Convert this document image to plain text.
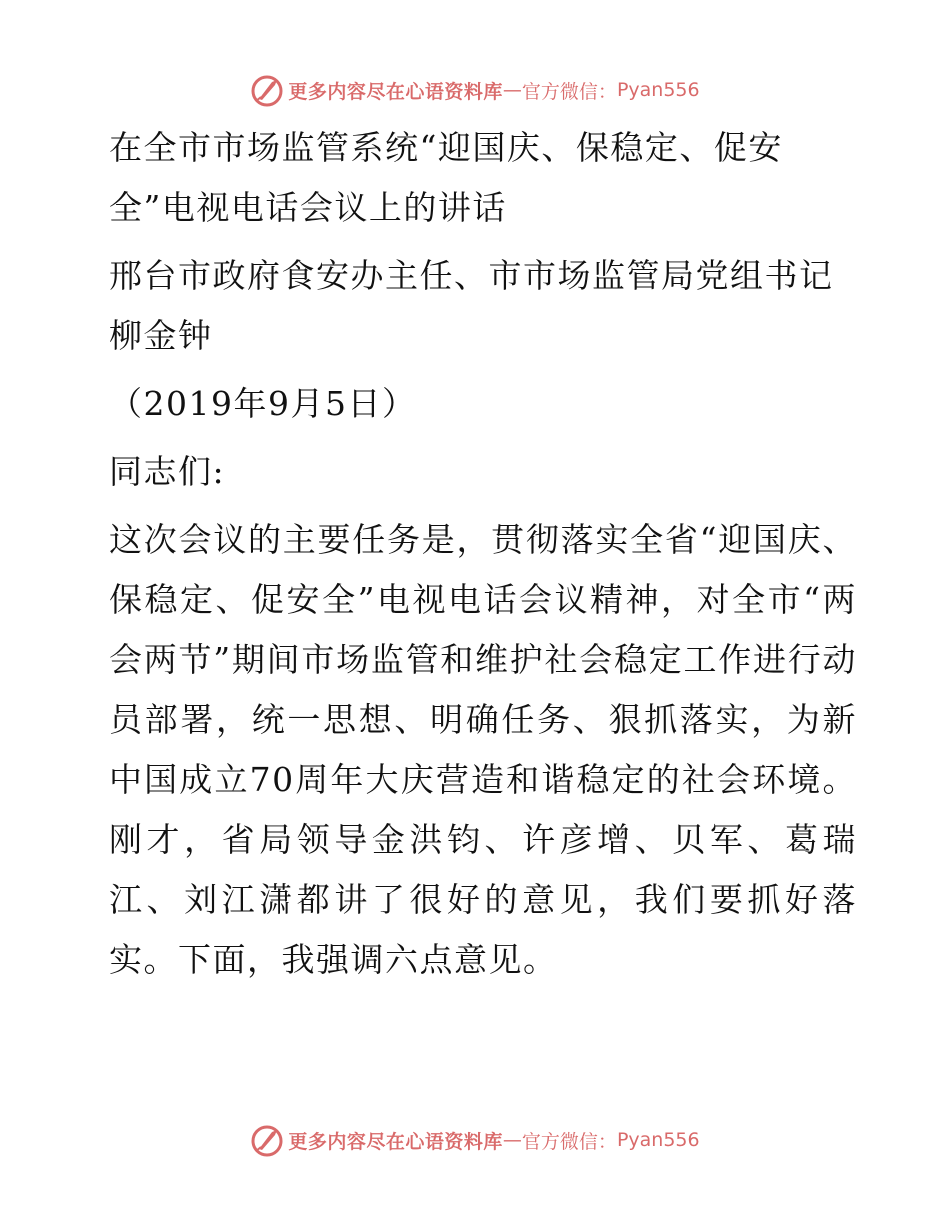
更多内容尽在心语资料库 — 官方微信： Pyan556

在全市市场监管系统“迎国庆、保稳定、促安全”电视电话会议上的讲话

邢台市政府食安办主任、市市场监管局党组书记柳金钟

（2019年9月5日）

同志们:

这次会议的主要任务是，贯彻落实全省“迎国庆、保稳定、促安全”电视电话会议精神，对全市“两会两节”期间市场监管和维护社会稳定工作进行动员部署，统一思想、明确任务、狠抓落实，为新中国成立70周年大庆营造和谐稳定的社会环境。刚才，省局领导金洪钧、许彦增、贝军、葛瑞江、刘江潇都讲了很好的意见，我们要抓好落实。下面，我强调六点意见。

更多内容尽在心语资料库 — 官方微信： Pyan556
